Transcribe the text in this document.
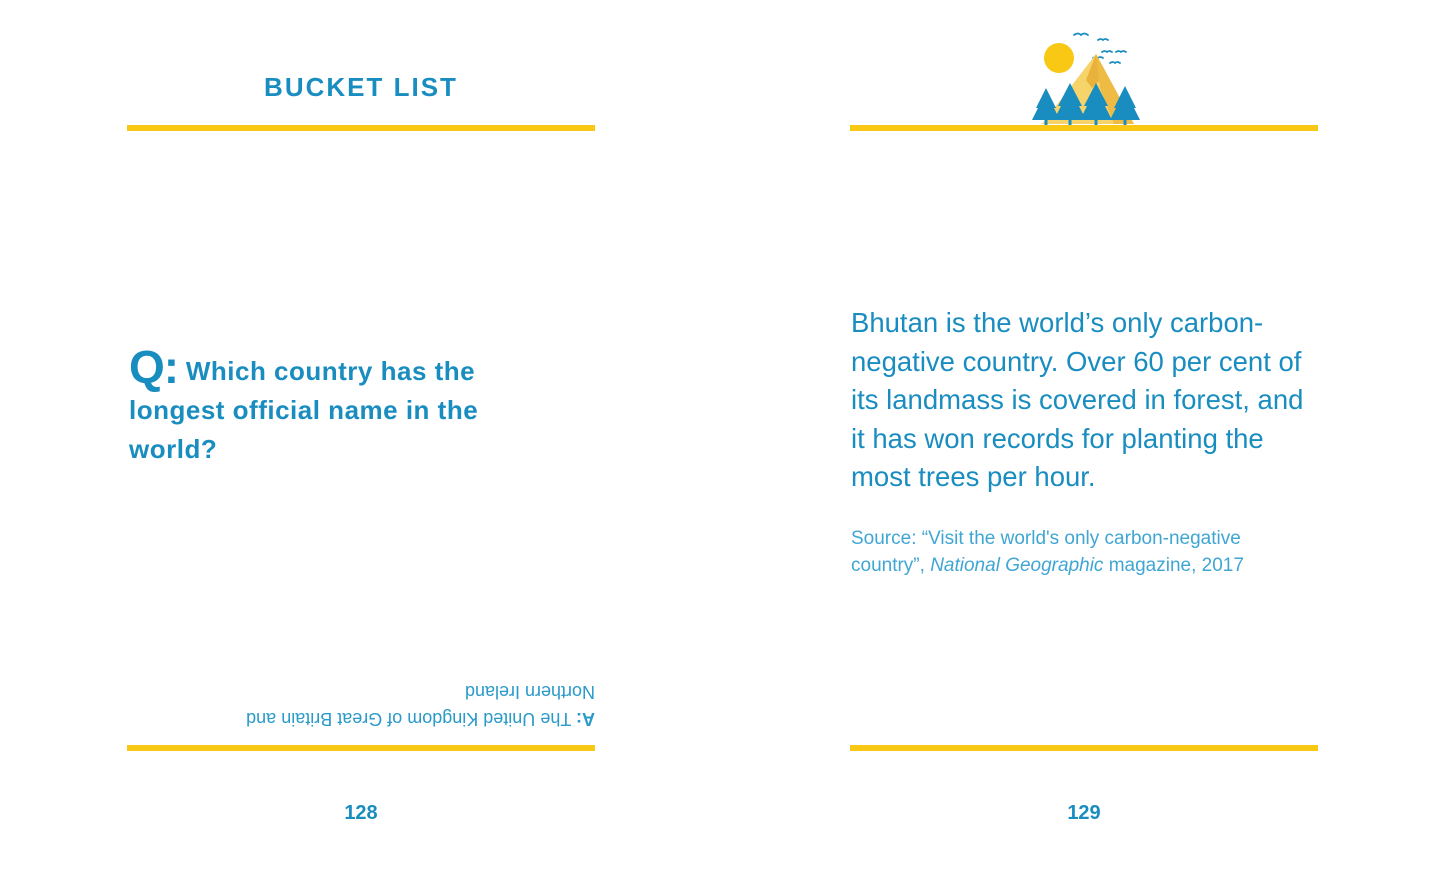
BUCKET LIST
Q: Which country has the longest official name in the world?
A: The United Kingdom of Great Britain and Northern Ireland
128
Bhutan is the world’s only carbon-negative country. Over 60 per cent of its landmass is covered in forest, and it has won records for planting the most trees per hour.
Source: “Visit the world's only carbon-negative country”, National Geographic magazine, 2017
129
